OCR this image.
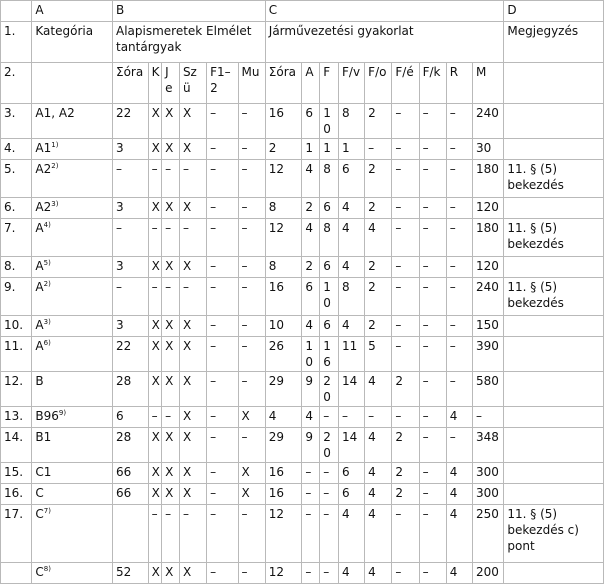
	A	B						C									D
1.	Kategória	Alapismeretek Elmélet tantárgyak						Járművezetési gyakorlat									Megjegyzés
2.		Σóra	K	Je	Szü	F1–2	Mu	Σóra	A	F	F/v	F/o	F/é	F/k	R	M	
3.	A1, A2	22	X	X	X	–	–	16	6	10	8	2	–	–	–	240	
4.	A1$^{1)}$	3	X	X	X	–	–	2	1	1	1	–	–	–	–	30	
5.	A2$^{2)}$	–	–	–	–	–	–	12	4	8	6	2	–	–	–	180	11. § (5) bekezdés
6.	A2$^{3)}$	3	X	X	X	–	–	8	2	6	4	2	–	–	–	120	
7.	$A^{4)}$	–	–	–	–	–	–	12	4	8	4	4	–	–	–	180	11. § (5) bekezdés
8.	$A^{5)}$	3	X	X	X	–	–	8	2	6	4	2	–	–	–	120	
9.	$A^{2)}$	–	–	–	–	–	–	16	6	10	8	2	–	–	–	240	11. § (5) bekezdés
10.	$A^{3)}$	3	X	X	X	–	–	10	4	6	4	2	–	–	–	150	
11.	$A^{6)}$	22	X	X	X	–	–	26	10	16	11	5	–	–	–	390	
12.	B	28	X	X	X	–	–	29	9	20	14	4	2	–	–	580	
13.	B96$^{9)}$	6	–	–	X	–	X	4	4	–	–	–	–	–	4	–	
14.	B1	28	X	X	X	–	–	29	9	20	14	4	2	–	–	348	
15.	C1	66	X	X	X	–	X	16	–	–	6	4	2	–	4	300	
16.	C	66	X	X	X	–	X	16	–	–	6	4	2	–	4	300	
17.	$C^{7)}$		–	–	–	–	–	12	–	–	4	4	–	–	4	250	11. § (5) bekezdés c) pont
	$C^{8)}$	52	X	X	X	–	–	12	–	–	4	4	–	–	4	200	
